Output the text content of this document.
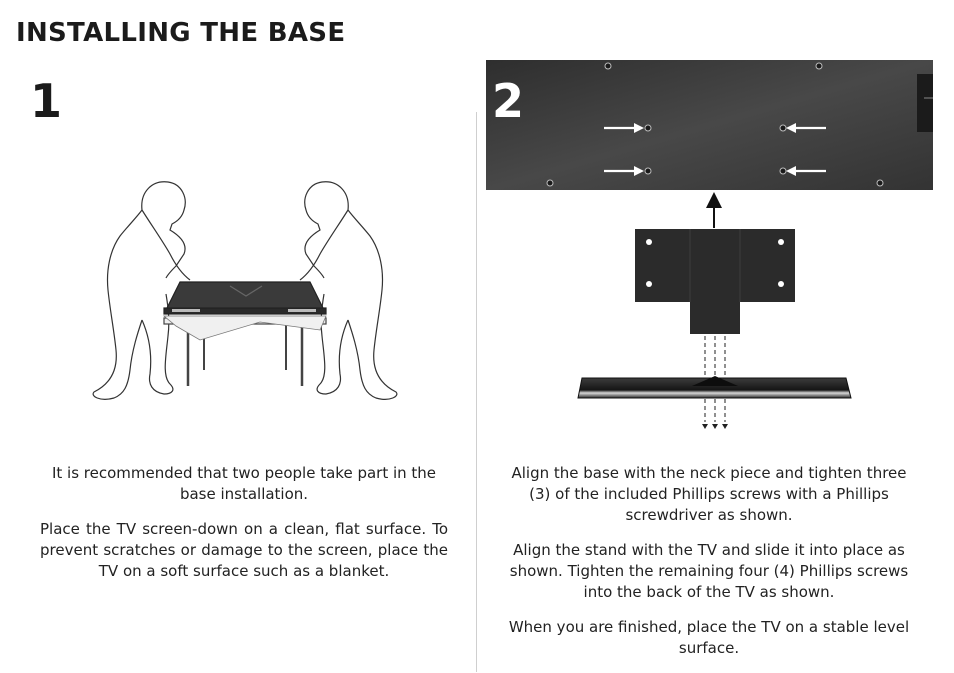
INSTALLING THE BASE
1

It is recommended that two people take part in the base installation.

Place the TV screen-down on a clean, flat surface. To prevent scratches or damage to the screen, place the TV on a soft surface such as a blanket.

2

Align the base with the neck piece and tighten three (3) of the included Phillips screws with a Phillips screwdriver as shown.

Align the stand with the TV and slide it into place as shown. Tighten the remaining four (4) Phillips screws into the back of the TV as shown.

When you are finished, place the TV on a stable level surface.
